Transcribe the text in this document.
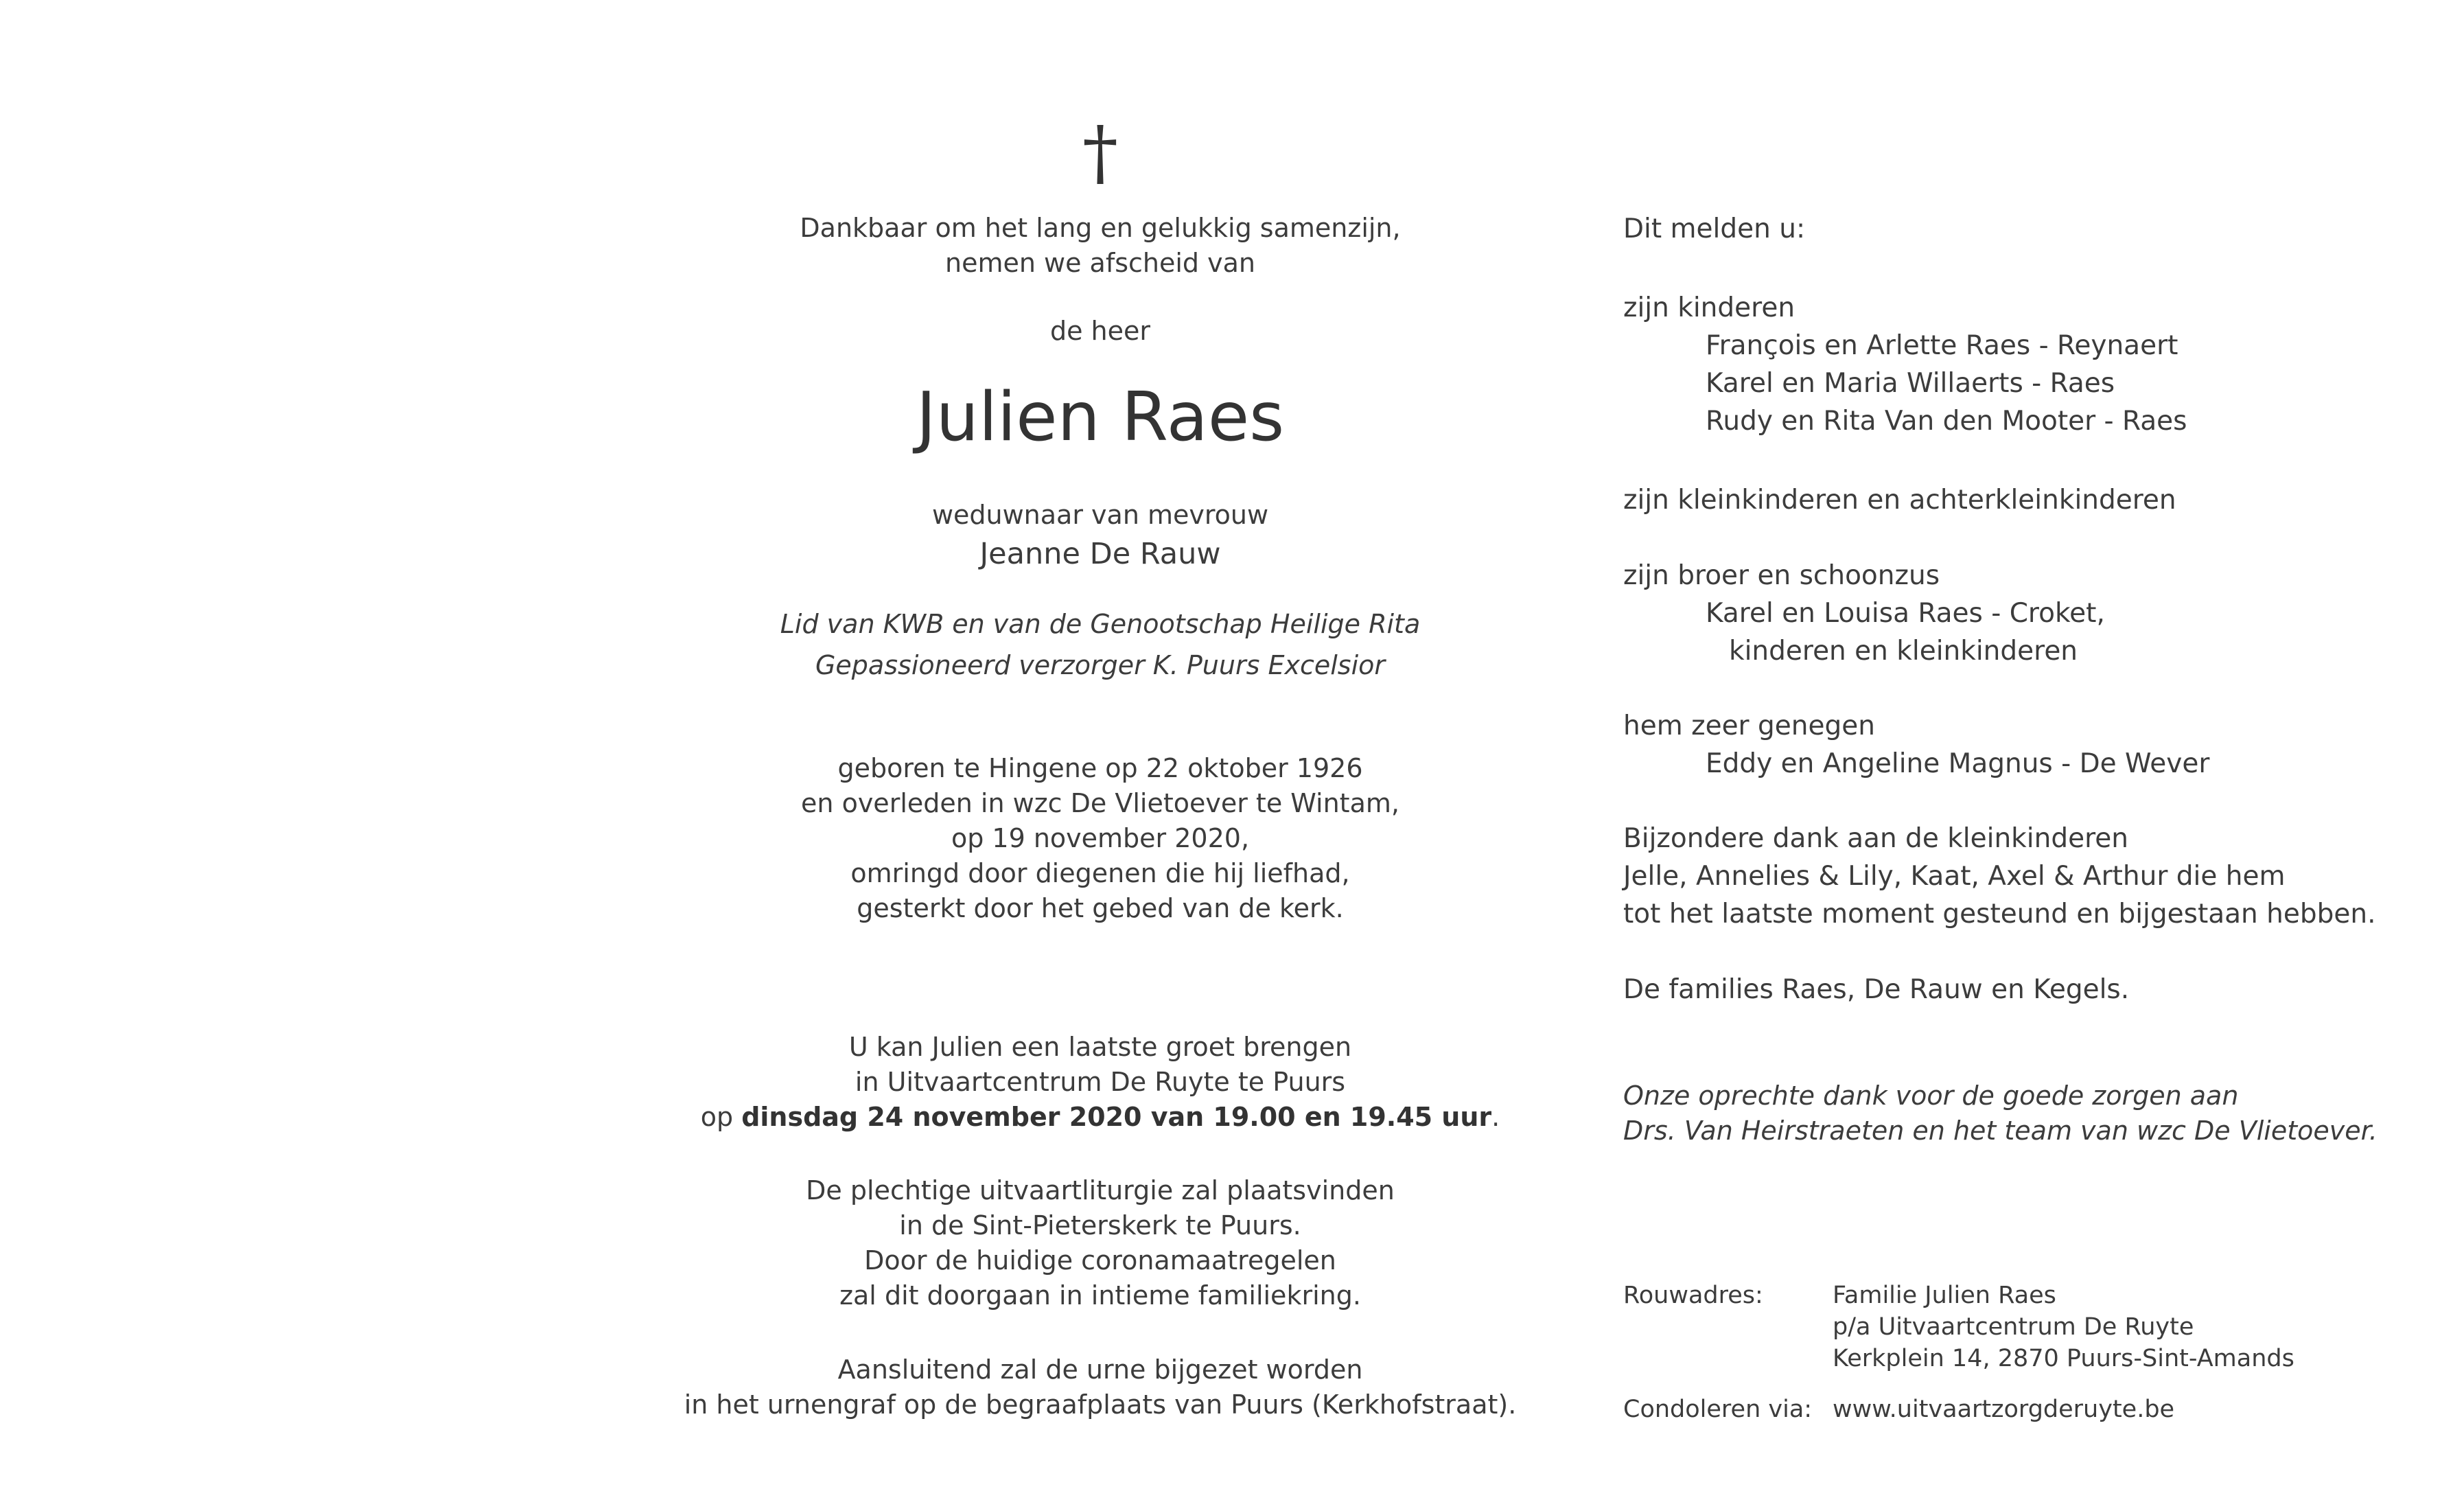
†
Dankbaar om het lang en gelukkig samenzijn,
nemen we afscheid van
de heer
Julien Raes
weduwnaar van mevrouw
Jeanne De Rauw
Lid van KWB en van de Genootschap Heilige Rita
Gepassioneerd verzorger K. Puurs Excelsior
geboren te Hingene op 22 oktober 1926
en overleden in wzc De Vlietoever te Wintam,
op 19 november 2020,
omringd door diegenen die hij liefhad,
gesterkt door het gebed van de kerk.
U kan Julien een laatste groet brengen
in Uitvaartcentrum De Ruyte te Puurs
op dinsdag 24 november 2020 van 19.00 en 19.45 uur.
De plechtige uitvaartliturgie zal plaatsvinden
in de Sint-Pieterskerk te Puurs.
Door de huidige coronamaatregelen
zal dit doorgaan in intieme familiekring.
Aansluitend zal de urne bijgezet worden
in het urnengraf op de begraafplaats van Puurs (Kerkhofstraat).
Dit melden u:
zijn kinderen
François en Arlette Raes - Reynaert
Karel en Maria Willaerts - Raes
Rudy en Rita Van den Mooter - Raes
zijn kleinkinderen en achterkleinkinderen
zijn broer en schoonzus
Karel en Louisa Raes - Croket,
kinderen en kleinkinderen
hem zeer genegen
Eddy en Angeline Magnus - De Wever
Bijzondere dank aan de kleinkinderen
Jelle, Annelies & Lily, Kaat, Axel & Arthur die hem
tot het laatste moment gesteund en bijgestaan hebben.
De families Raes, De Rauw en Kegels.
Onze oprechte dank voor de goede zorgen aan
Drs. Van Heirstraeten en het team van wzc De Vlietoever.
Rouwadres:	Familie Julien Raes
p/a Uitvaartcentrum De Ruyte
Kerkplein 14, 2870 Puurs-Sint-Amands
Condoleren via: www.uitvaartzorgderuyte.be
